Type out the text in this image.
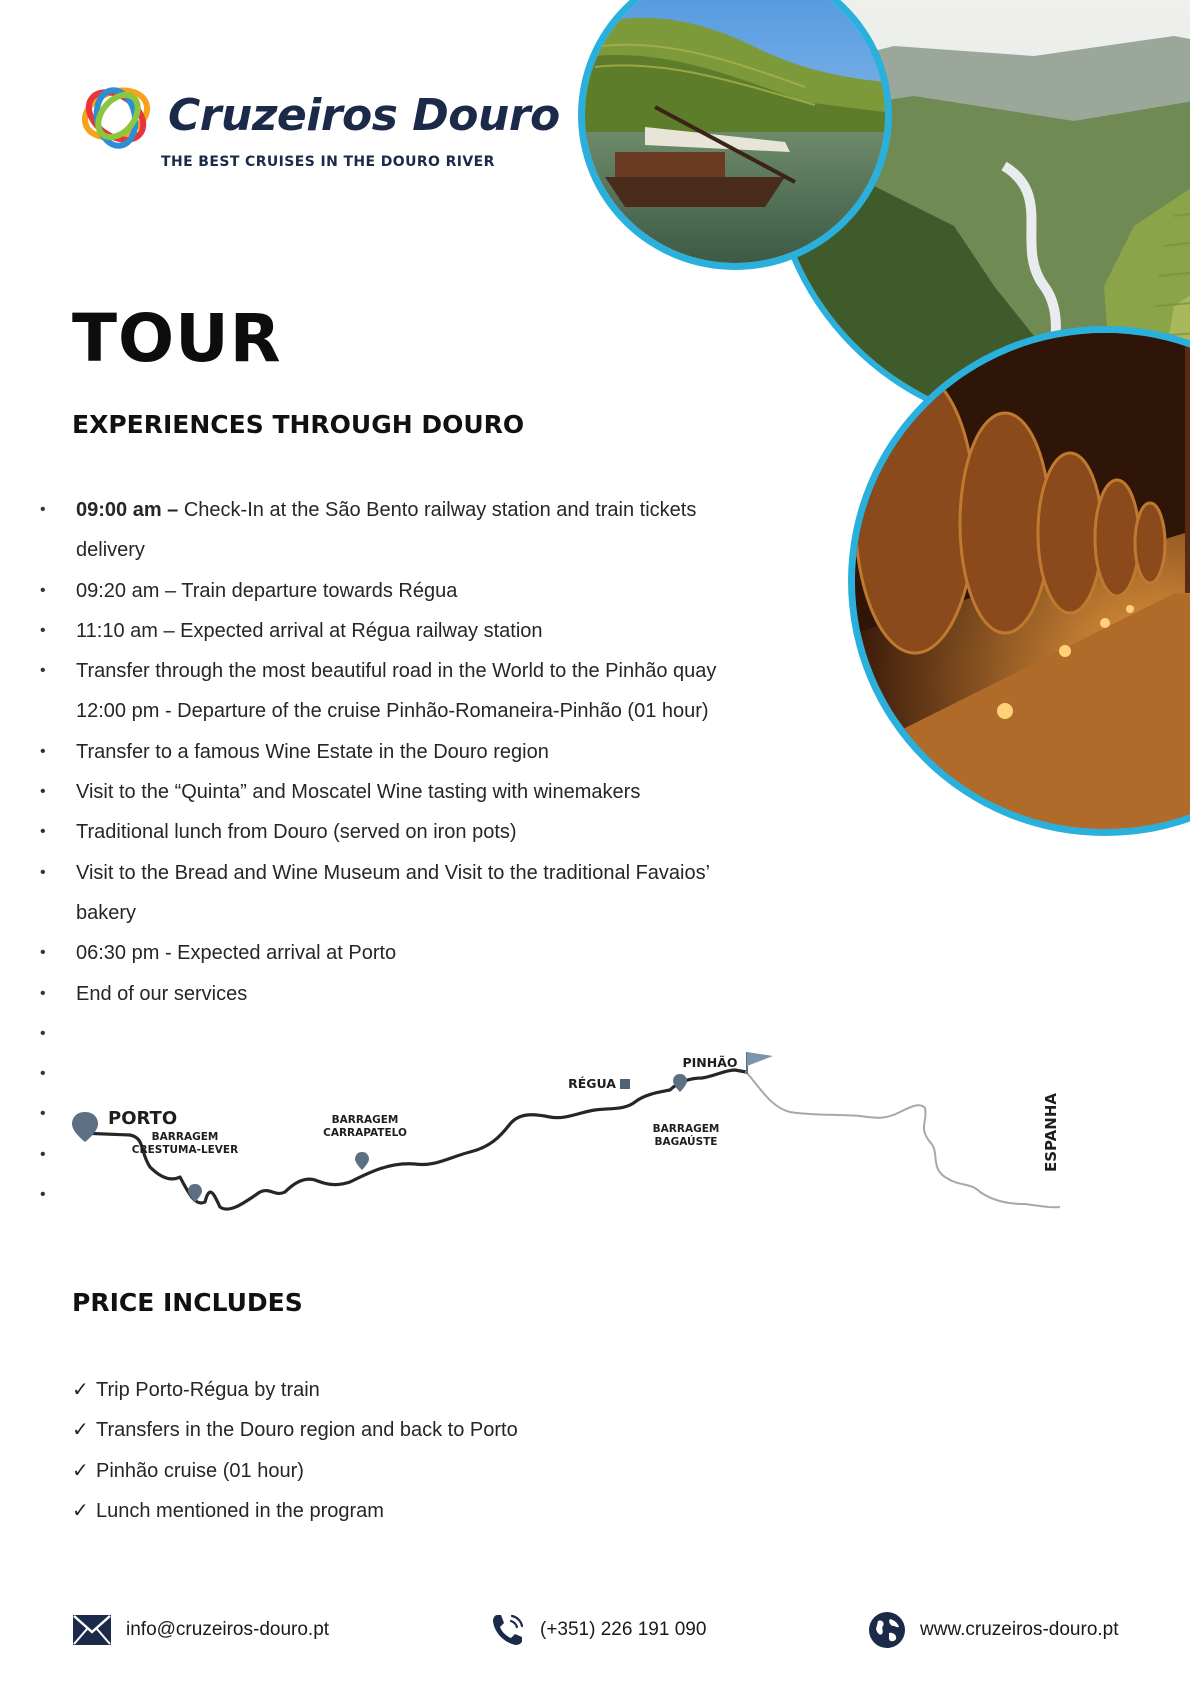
Cruzeiros Douro

THE BEST CRUISES IN THE DOURO RIVER

TOUR
EXPERIENCES THROUGH DOURO
• 09:00 am – Check-In at the São Bento railway station and train tickets
delivery
• 09:20 am – Train departure towards Régua
• 11:10 am – Expected arrival at Régua railway station
• Transfer through the most beautiful road in the World to the Pinhão quay
12:00 pm - Departure of the cruise Pinhão-Romaneira-Pinhão (01 hour)
• Transfer to a famous Wine Estate in the Douro region
• Visit to the “Quinta” and Moscatel Wine tasting with winemakers
• Traditional lunch from Douro (served on iron pots)
• Visit to the Bread and Wine Museum and Visit to the traditional Favaios’
bakery
• 06:30 pm - Expected arrival at Porto
• End of our services
•
•
•
•
•
PORTO
BARRAGEM
CRESTUMA-LEVER
BARRAGEM
CARRAPATELO
RÉGUA
BARRAGEM
BAGAÚSTE
PINHÃO
ESPANHA
PRICE INCLUDES
✓ Trip Porto-Régua by train
✓ Transfers in the Douro region and back to Porto
✓ Pinhão cruise (01 hour)
✓ Lunch mentioned in the program
info@cruzeiros-douro.pt	(+351) 226 191 090	www.cruzeiros-douro.pt
